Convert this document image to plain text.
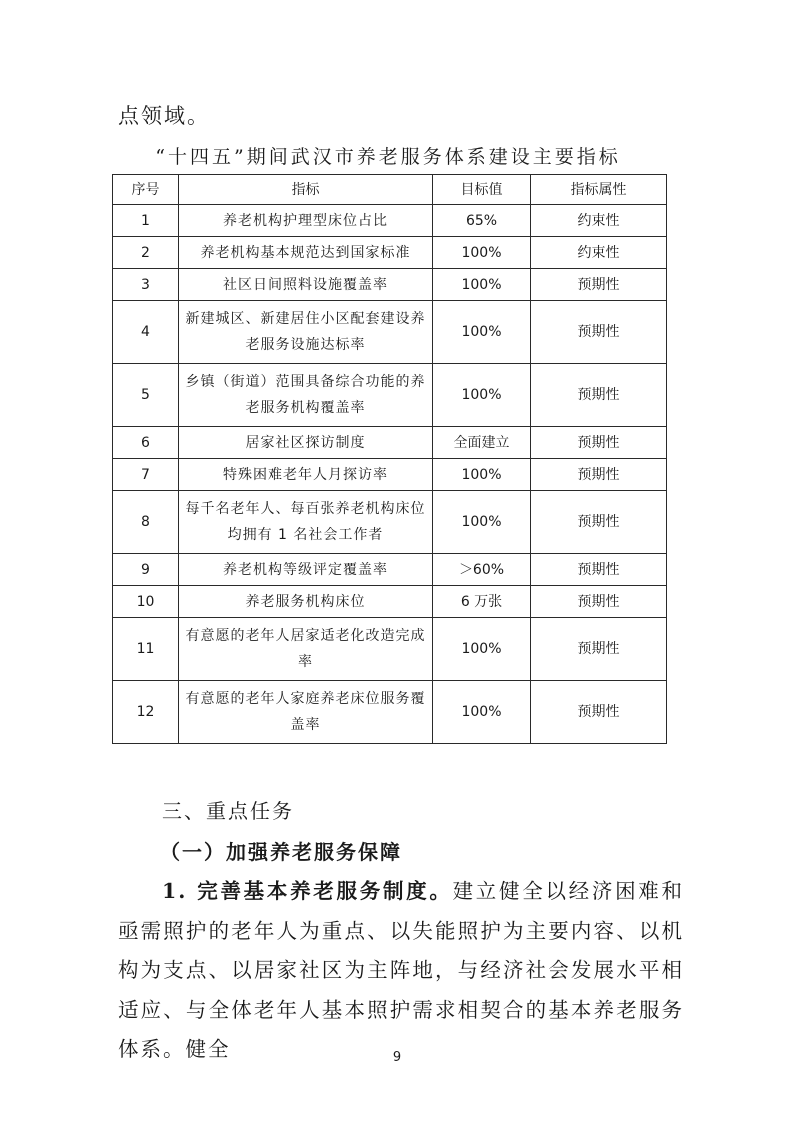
点领域。
“十四五”期间武汉市养老服务体系建设主要指标
序号	指标	目标值	指标属性
1	养老机构护理型床位占比	65%	约束性
2	养老机构基本规范达到国家标准	100%	约束性
3	社区日间照料设施覆盖率	100%	预期性
4	新建城区、新建居住小区配套建设养老服务设施达标率	100%	预期性
5	乡镇（街道）范围具备综合功能的养老服务机构覆盖率	100%	预期性
6	居家社区探访制度	全面建立	预期性
7	特殊困难老年人月探访率	100%	预期性
8	每千名老年人、每百张养老机构床位均拥有 1 名社会工作者	100%	预期性
9	养老机构等级评定覆盖率	＞60%	预期性
10	养老服务机构床位	6 万张	预期性
11	有意愿的老年人居家适老化改造完成率	100%	预期性
12	有意愿的老年人家庭养老床位服务覆盖率	100%	预期性
三、重点任务
（一）加强养老服务保障
1. 完善基本养老服务制度。建立健全以经济困难和亟需照护的老年人为重点、以失能照护为主要内容、以机构为支点、以居家社区为主阵地，与经济社会发展水平相适应、与全体老年人基本照护需求相契合的基本养老服务体系。健全	9
